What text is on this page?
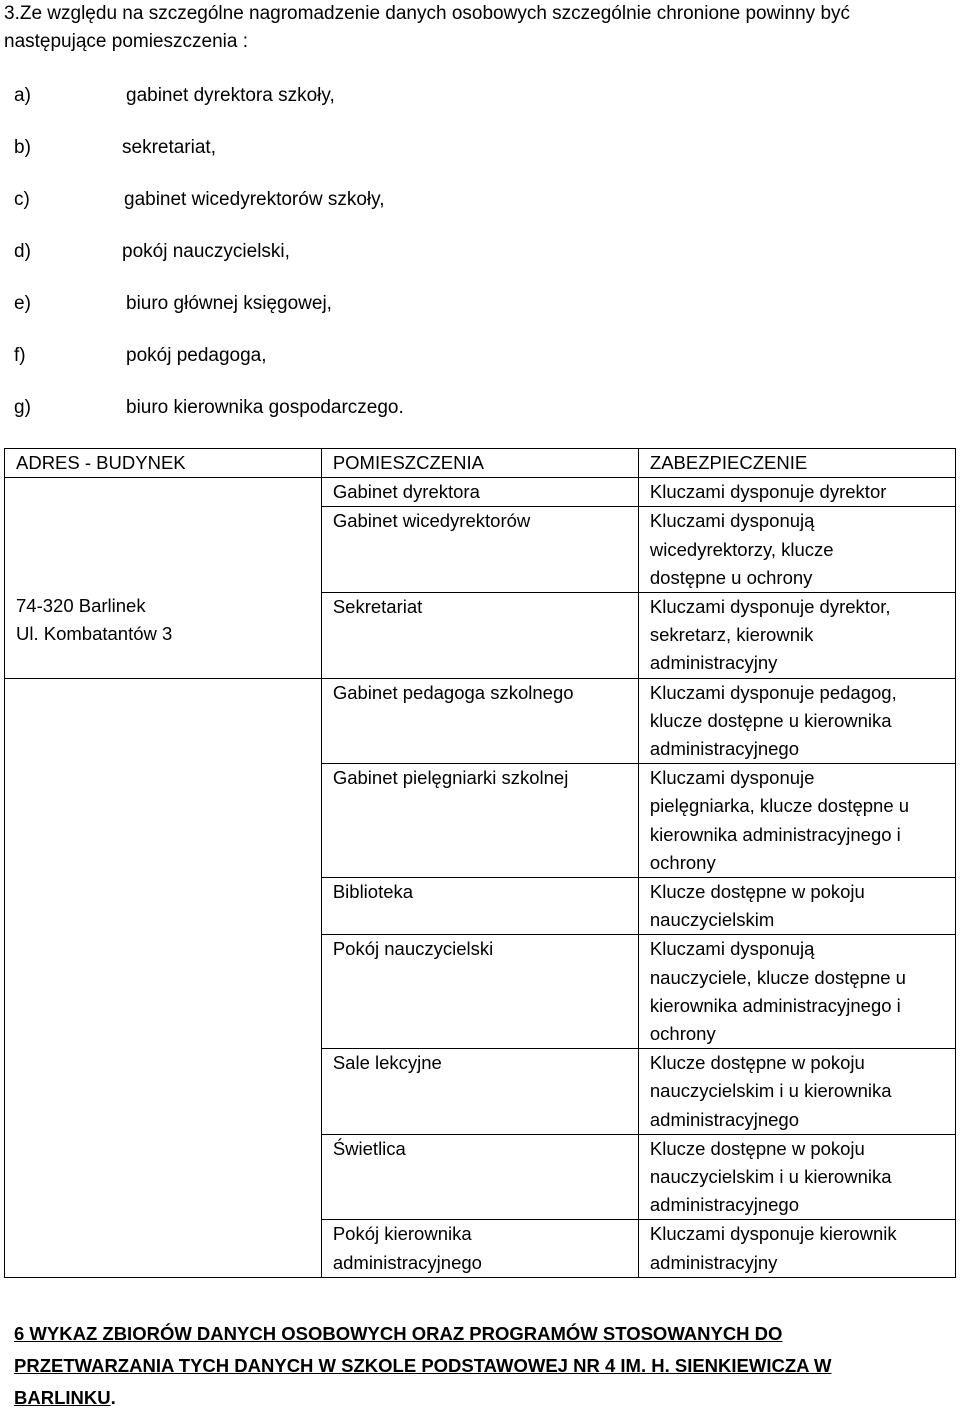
3.Ze względu na szczególne nagromadzenie danych osobowych szczególnie chronione powinny być
następujące pomieszczenia :
a)	gabinet dyrektora szkoły,
b)	sekretariat,
c)	gabinet wicedyrektorów szkoły,
d)	pokój nauczycielski,
e)	biuro głównej księgowej,
f)	pokój pedagoga,
g)	biuro kierownika gospodarczego.
ADRES - BUDYNEK	POMIESZCZENIA	ZABEZPIECZENIE

74-320 Barlinek
Ul. Kombatantów 3	Gabinet dyrektora	Kluczami dysponuje dyrektor

	Gabinet wicedyrektorów	Kluczami dysponują
wicedyrektorzy, klucze
dostępne u ochrony

	Sekretariat	Kluczami dysponuje dyrektor,
sekretarz, kierownik
administracyjny

	Gabinet pedagoga szkolnego	Kluczami dysponuje pedagog,
klucze dostępne u kierownika
administracyjnego

	Gabinet pielęgniarki szkolnej	Kluczami dysponuje
pielęgniarka, klucze dostępne u
kierownika administracyjnego i
ochrony

	Biblioteka	Klucze dostępne w pokoju
nauczycielskim

	Pokój nauczycielski	Kluczami dysponują
nauczyciele, klucze dostępne u
kierownika administracyjnego i
ochrony

	Sale lekcyjne	Klucze dostępne w pokoju
nauczycielskim i u kierownika
administracyjnego

	Świetlica	Klucze dostępne w pokoju
nauczycielskim i u kierownika
administracyjnego

	Pokój kierownika
administracyjnego	Kluczami dysponuje kierownik
administracyjny
6 WYKAZ ZBIORÓW DANYCH OSOBOWYCH ORAZ PROGRAMÓW STOSOWANYCH DO
PRZETWARZANIA TYCH DANYCH W SZKOLE PODSTAWOWEJ NR 4 IM. H. SIENKIEWICZA W
BARLINKU.
